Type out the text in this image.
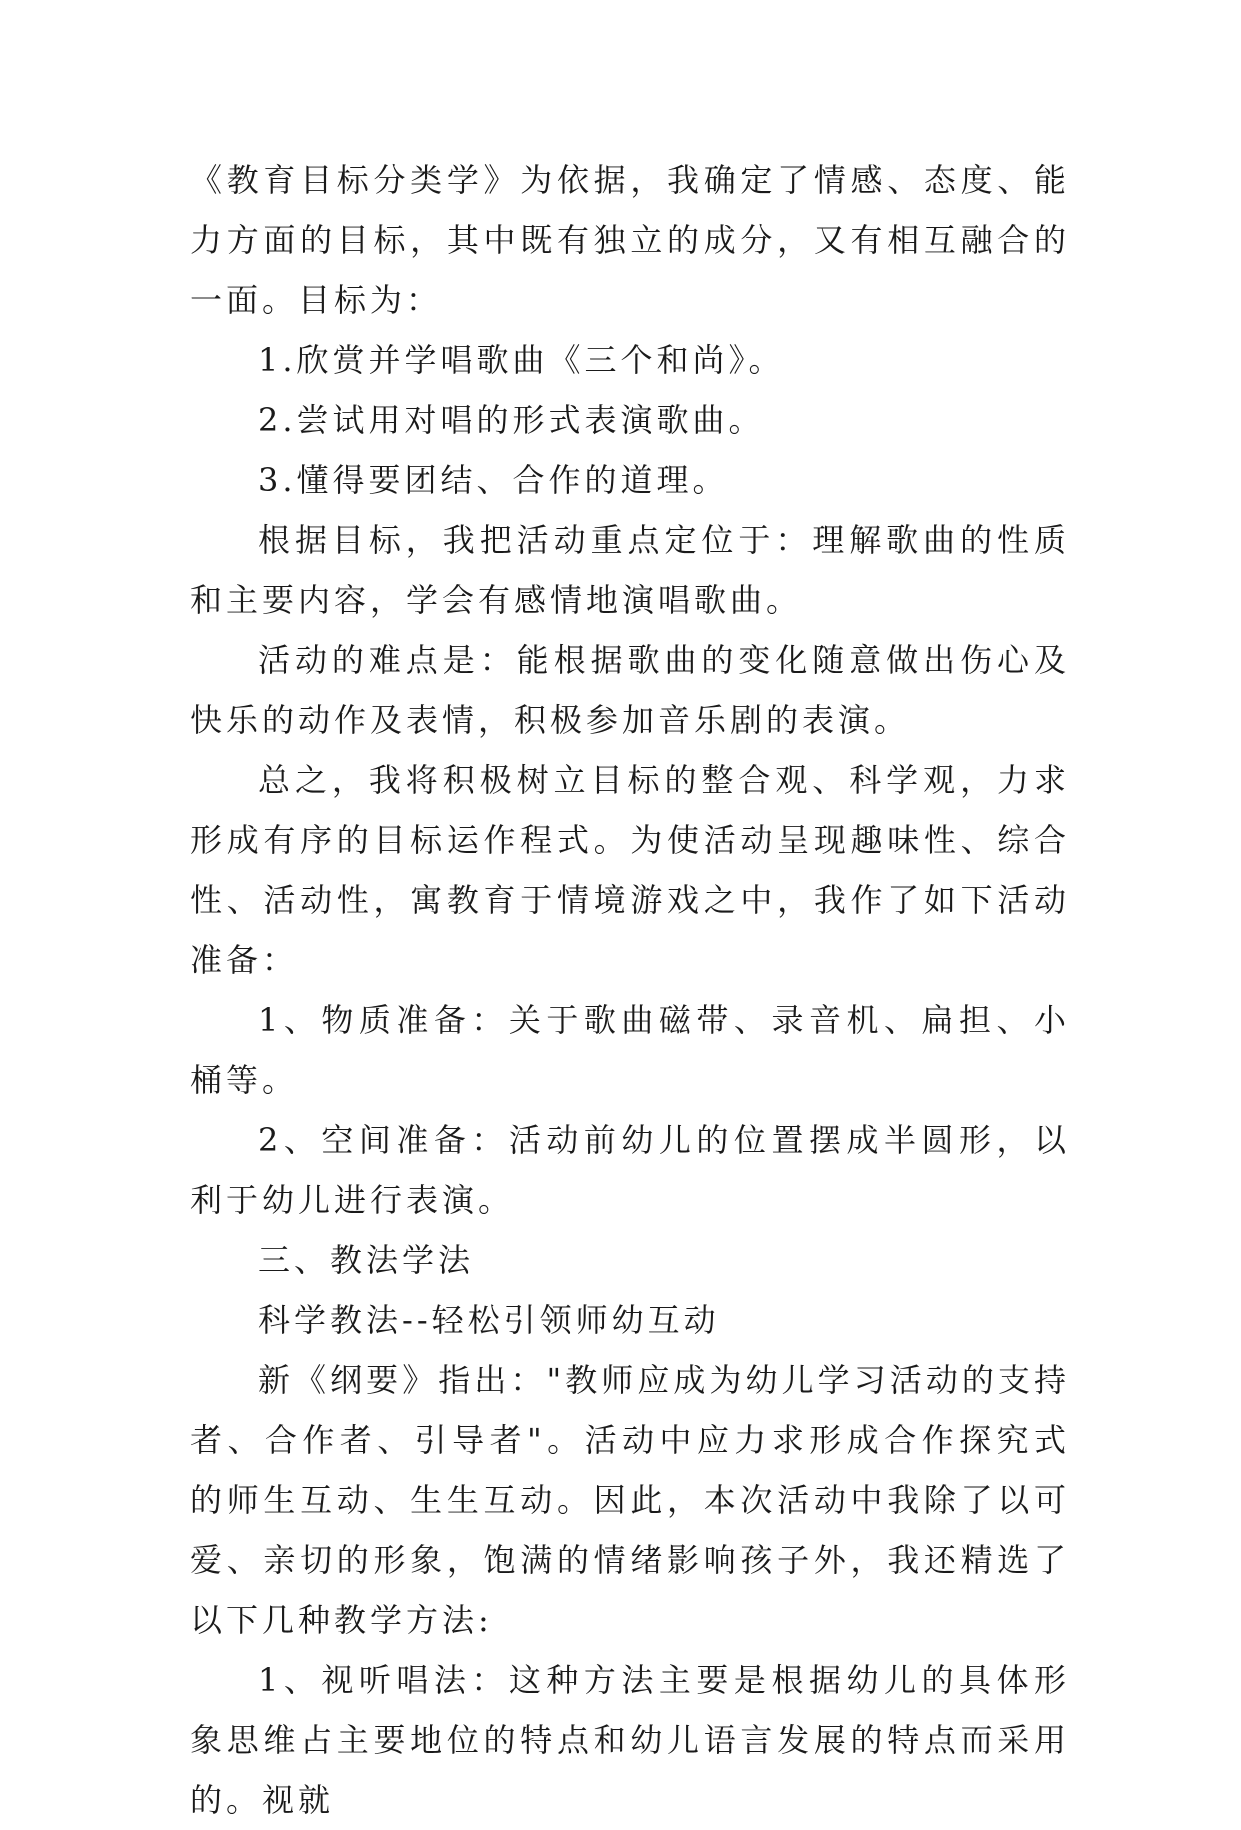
《教育目标分类学》为依据，我确定了情感、态度、能力方面的目标，其中既有独立的成分，又有相互融合的一面。目标为：

1.欣赏并学唱歌曲《三个和尚》。

2.尝试用对唱的形式表演歌曲。

3.懂得要团结、合作的道理。

根据目标，我把活动重点定位于：理解歌曲的性质和主要内容，学会有感情地演唱歌曲。

活动的难点是：能根据歌曲的变化随意做出伤心及快乐的动作及表情，积极参加音乐剧的表演。

总之，我将积极树立目标的整合观、科学观，力求形成有序的目标运作程式。为使活动呈现趣味性、综合性、活动性，寓教育于情境游戏之中，我作了如下活动准备：

1、物质准备：关于歌曲磁带、录音机、扁担、小桶等。

2、空间准备：活动前幼儿的位置摆成半圆形，以利于幼儿进行表演。

三、教法学法

科学教法--轻松引领师幼互动

新《纲要》指出："教师应成为幼儿学习活动的支持者、合作者、引导者"。活动中应力求形成合作探究式的师生互动、生生互动。因此，本次活动中我除了以可爱、亲切的形象，饱满的情绪影响孩子外，我还精选了以下几种教学方法:

1、视听唱法：这种方法主要是根据幼儿的具体形象思维占主要地位的特点和幼儿语言发展的特点而采用的。视就
